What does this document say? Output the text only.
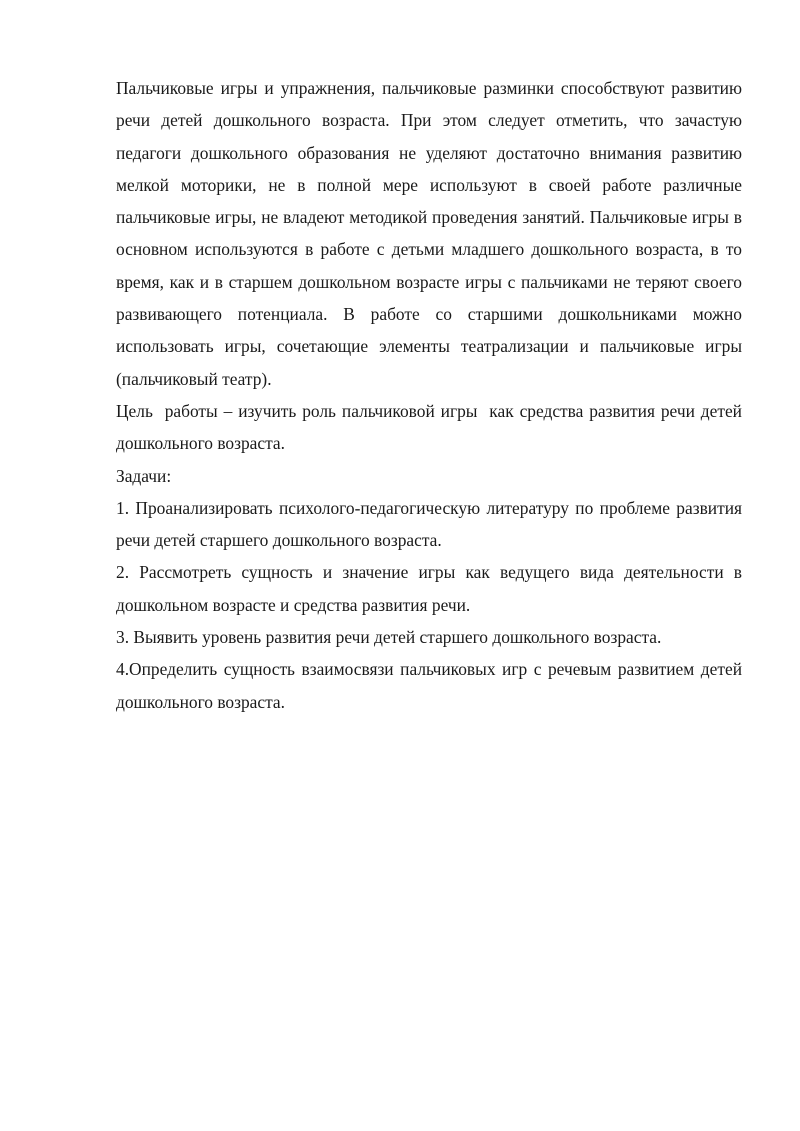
Пальчиковые игры и упражнения, пальчиковые разминки способствуют развитию речи детей дошкольного возраста. При этом следует отметить, что зачастую педагоги дошкольного образования не уделяют достаточно внимания развитию мелкой моторики, не в полной мере используют в своей работе различные пальчиковые игры, не владеют методикой проведения занятий. Пальчиковые игры в основном используются в работе с детьми младшего дошкольного возраста, в то время, как и в старшем дошкольном возрасте игры с пальчиками не теряют своего развивающего потенциала. В работе со старшими дошкольниками можно использовать игры, сочетающие элементы театрализации и пальчиковые игры (пальчиковый театр).

Цель  работы – изучить роль пальчиковой игры  как средства развития речи детей дошкольного возраста.

Задачи:

1. Проанализировать психолого-педагогическую литературу по проблеме развития речи детей старшего дошкольного возраста.

2. Рассмотреть сущность и значение игры как ведущего вида деятельности в дошкольном возрасте и средства развития речи.

3. Выявить уровень развития речи детей старшего дошкольного возраста.

4.Определить сущность взаимосвязи пальчиковых игр с речевым развитием детей  дошкольного возраста.
